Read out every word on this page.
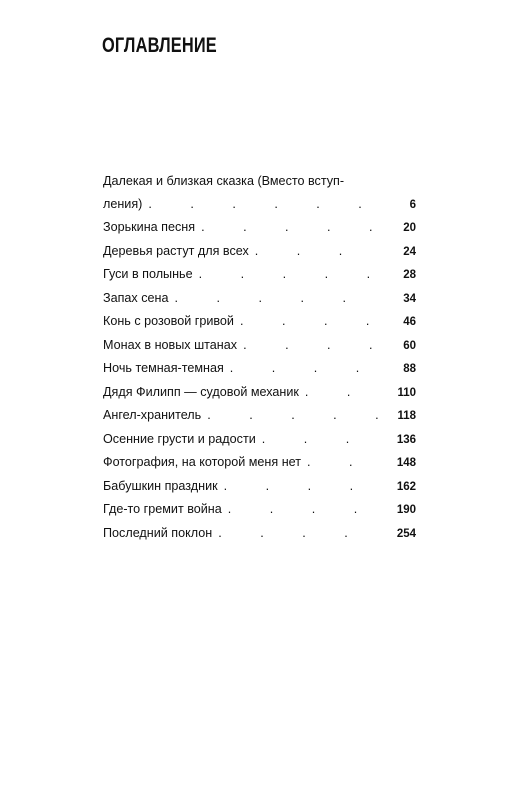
ОГЛАВЛЕНИЕ
Далекая и близкая сказка (Вместо вступ-
ления) .	6
Зорькина песня .	20
Деревья растут для всех .	24
Гуси в полынье .	28
Запах сена .	34
Конь с розовой гривой .	46
Монах в новых штанах .	60
Ночь темная-темная .	88
Дядя Филипп — судовой механик .	110
Ангел-хранитель .	118
Осенние грусти и радости .	136
Фотография, на которой меня нет .	148
Бабушкин праздник .	162
Где-то гремит война .	190
Последний поклон .	254
